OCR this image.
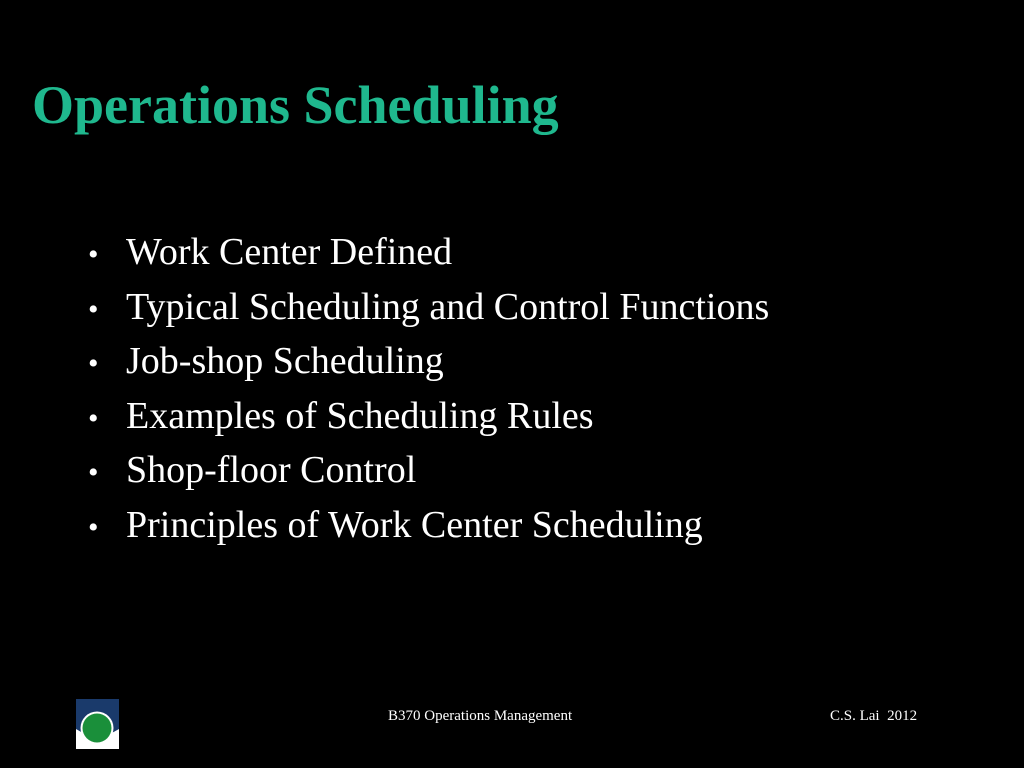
Operations Scheduling
• Work Center Defined
• Typical Scheduling and Control Functions
• Job-shop Scheduling
• Examples of Scheduling Rules
• Shop-floor Control
• Principles of Work Center Scheduling
B370 Operations Management	C.S. Lai  2012
